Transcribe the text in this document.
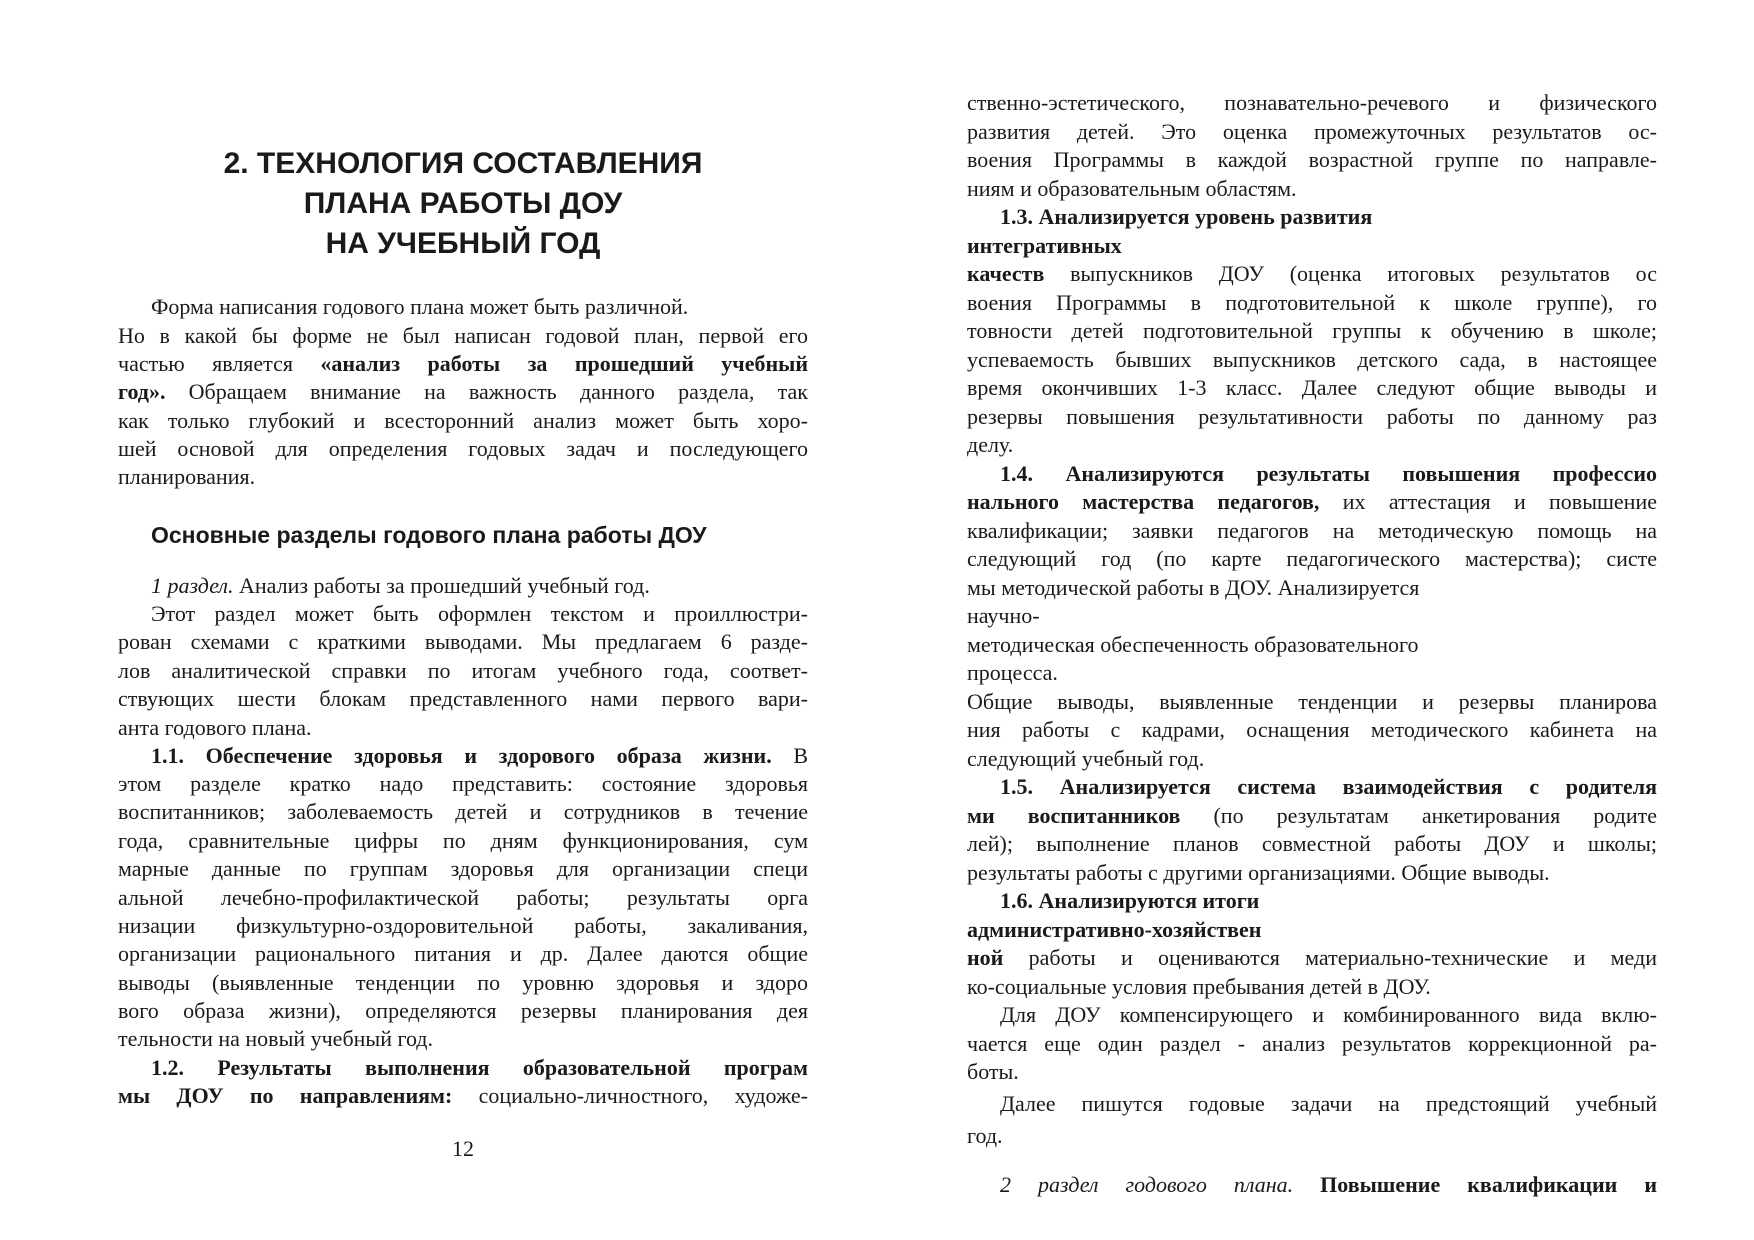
2. ТЕХНОЛОГИЯ СОСТАВЛЕНИЯ
ПЛАНА РАБОТЫ ДОУ
НА УЧЕБНЫЙ ГОД
Форма написания годового плана может быть различной.
Но в какой бы форме не был написан годовой план, первой его
частью является «анализ работы за прошедший учебный
год». Обращаем внимание на важность данного раздела, так
как только глубокий и всесторонний анализ может быть хоро-
шей основой для определения годовых задач и последующего
планирования.
Основные разделы годового плана работы ДОУ
1 раздел. Анализ работы за прошедший учебный год.
Этот раздел может быть оформлен текстом и проиллюстри-
рован схемами с краткими выводами. Мы предлагаем 6 разде-
лов аналитической справки по итогам учебного года, соответ-
ствующих шести блокам представленного нами первого вари-
анта годового плана.
1.1. Обеспечение здоровья и здорового образа жизни. В
этом разделе кратко надо представить: состояние здоровья
воспитанников; заболеваемость детей и сотрудников в течение
года, сравнительные цифры по дням функционирования, сум
марные данные по группам здоровья для организации специ
альной лечебно-профилактической работы; результаты орга
низации физкультурно-оздоровительной работы, закаливания,
организации рационального питания и др. Далее даются общие
выводы (выявленные тенденции по уровню здоровья и здоро
вого образа жизни), определяются резервы планирования дея
тельности на новый учебный год.
1.2. Результаты выполнения образовательной програм
мы ДОУ по направлениям: социально-личностного, художе-
12
ственно-эстетического, познавательно-речевого и физического
развития детей. Это оценка промежуточных результатов ос-
воения Программы в каждой возрастной группе по направле-
ниям и образовательным областям.
1.3. Анализируется уровень развития
интегративных
качеств выпускников ДОУ (оценка итоговых результатов ос
воения Программы в подготовительной к школе группе), го
товности детей подготовительной группы к обучению в школе;
успеваемость бывших выпускников детского сада, в настоящее
время окончивших 1-3 класс. Далее следуют общие выводы и
резервы повышения результативности работы по данному раз
делу.
1.4. Анализируются результаты повышения профессио
нального мастерства педагогов, их аттестация и повышение
квалификации; заявки педагогов на методическую помощь на
следующий год (по карте педагогического мастерства); систе
мы методической работы в ДОУ. Анализируется
научно-
методическая обеспеченность образовательного
процесса.
Общие выводы, выявленные тенденции и резервы планирова
ния работы с кадрами, оснащения методического кабинета на
следующий учебный год.
1.5. Анализируется система взаимодействия с родителя
ми воспитанников (по результатам анкетирования родите
лей); выполнение планов совместной работы ДОУ и школы;
результаты работы с другими организациями. Общие выводы.
1.6. Анализируются итоги
административно-хозяйствен
ной работы и оцениваются материально-технические и меди
ко-социальные условия пребывания детей в ДОУ.
Для ДОУ компенсирующего и комбинированного вида вклю-
чается еще один раздел - анализ результатов коррекционной ра-
боты.
Далее пишутся годовые задачи на предстоящий учебный
год.
2 раздел годового плана. Повышение квалификации и
